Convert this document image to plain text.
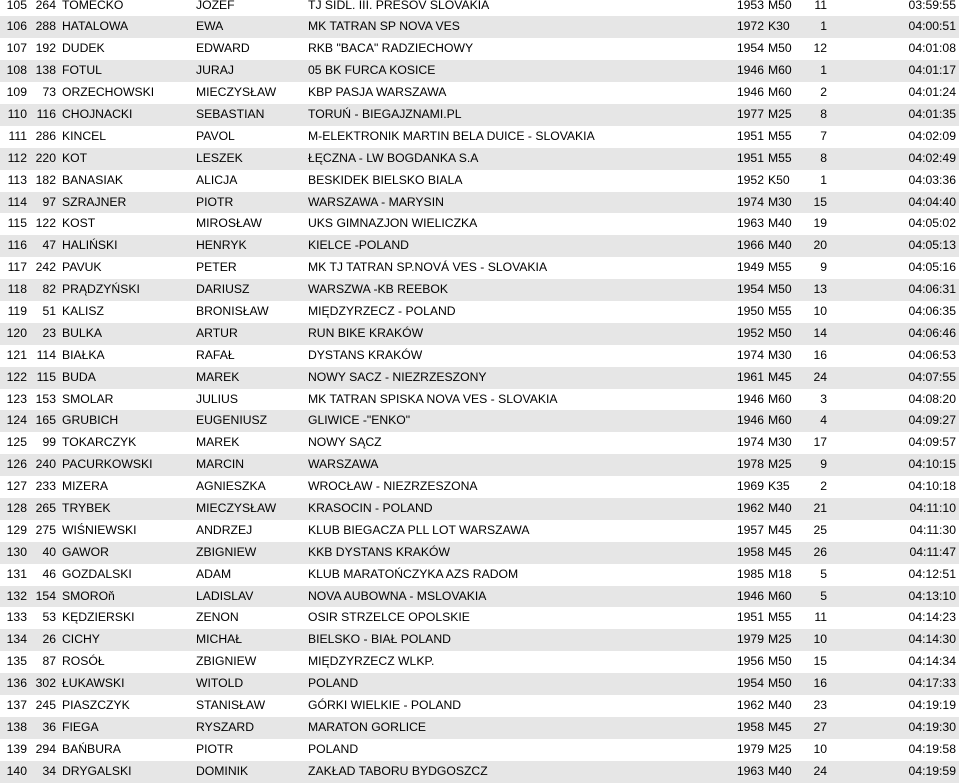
105 264 TOMECKO	JOZEF	TJ SIDL. III. PRESOV SLOVAKIA	1953 M50	11	03:59:55
106 288 HATALOWA	EWA	MK TATRAN SP NOVA VES	1972 K30	1	04:00:51
107 192 DUDEK	EDWARD	RKB "BACA" RADZIECHOWY	1954 M50	12	04:01:08
108 138 FOTUL	JURAJ	05 BK FURCA KOSICE	1946 M60	1	04:01:17
109	73 ORZECHOWSKI	MIECZYSŁAW	KBP PASJA WARSZAWA	1946 M60	2	04:01:24
110 116 CHOJNACKI	SEBASTIAN	TORUŃ - BIEGAJZNAMI.PL	1977 M25	8	04:01:35
111 286 KINCEL	PAVOL	M-ELEKTRONIK MARTIN BELA DUICE - SLOVAKIA	1951 M55	7	04:02:09
112 220 KOT	LESZEK	ŁĘCZNA - LW BOGDANKA S.A	1951 M55	8	04:02:49
113 182 BANASIAK	ALICJA	BESKIDEK BIELSKO BIALA	1952 K50	1	04:03:36
114	97 SZRAJNER	PIOTR	WARSZAWA - MARYSIN	1974 M30	15	04:04:40
115 122 KOST	MIROSŁAW	UKS GIMNAZJON WIELICZKA	1963 M40	19	04:05:02
116	47 HALIŃSKI	HENRYK	KIELCE -POLAND	1966 M40	20	04:05:13
117 242 PAVUK	PETER	MK TJ TATRAN SP.NOVÁ VES - SLOVAKIA	1949 M55	9	04:05:16
118	82 PRĄDZYŃSKI	DARIUSZ	WARSZWA -KB REEBOK	1954 M50	13	04:06:31
119	51 KALISZ	BRONISŁAW	MIĘDZYRZECZ - POLAND	1950 M55	10	04:06:35
120	23 BULKA	ARTUR	RUN BIKE KRAKÓW	1952 M50	14	04:06:46
121 114 BIAŁKA	RAFAŁ	DYSTANS KRAKÓW	1974 M30	16	04:06:53
122 115 BUDA	MAREK	NOWY SACZ - NIEZRZESZONY	1961 M45	24	04:07:55
123 153 SMOLAR	JULIUS	MK TATRAN SPISKA NOVA VES - SLOVAKIA	1946 M60	3	04:08:20
124 165 GRUBICH	EUGENIUSZ	GLIWICE -"ENKO"	1946 M60	4	04:09:27
125	99 TOKARCZYK	MAREK	NOWY SĄCZ	1974 M30	17	04:09:57
126 240 PACURKOWSKI	MARCIN	WARSZAWA	1978 M25	9	04:10:15
127 233 MIZERA	AGNIESZKA	WROCŁAW - NIEZRZESZONA	1969 K35	2	04:10:18
128 265 TRYBEK	MIECZYSŁAW	KRASOCIN - POLAND	1962 M40	21	04:11:10
129 275 WIŚNIEWSKI	ANDRZEJ	KLUB BIEGACZA PLL LOT WARSZAWA	1957 M45	25	04:11:30
130	40 GAWOR	ZBIGNIEW	KKB DYSTANS KRAKÓW	1958 M45	26	04:11:47
131	46 GOZDALSKI	ADAM	KLUB MARATOŃCZYKA AZS RADOM	1985 M18	5	04:12:51
132 154 SMOROň	LADISLAV	NOVA AUBOWNA - MSLOVAKIA	1946 M60	5	04:13:10
133	53 KĘDZIERSKI	ZENON	OSIR STRZELCE OPOLSKIE	1951 M55	11	04:14:23
134	26 CICHY	MICHAŁ	BIELSKO - BIAŁ POLAND	1979 M25	10	04:14:30
135	87 ROSÓŁ	ZBIGNIEW	MIĘDZYRZECZ WLKP.	1956 M50	15	04:14:34
136 302 ŁUKAWSKI	WITOLD	POLAND	1954 M50	16	04:17:33
137 245 PIASZCZYK	STANISŁAW	GÓRKI WIELKIE - POLAND	1962 M40	23	04:19:19
138	36 FIEGA	RYSZARD	MARATON GORLICE	1958 M45	27	04:19:30
139 294 BAŃBURA	PIOTR	POLAND	1979 M25	10	04:19:58
140	34 DRYGALSKI	DOMINIK	ZAKŁAD TABORU BYDGOSZCZ	1963 M40	24	04:19:59
